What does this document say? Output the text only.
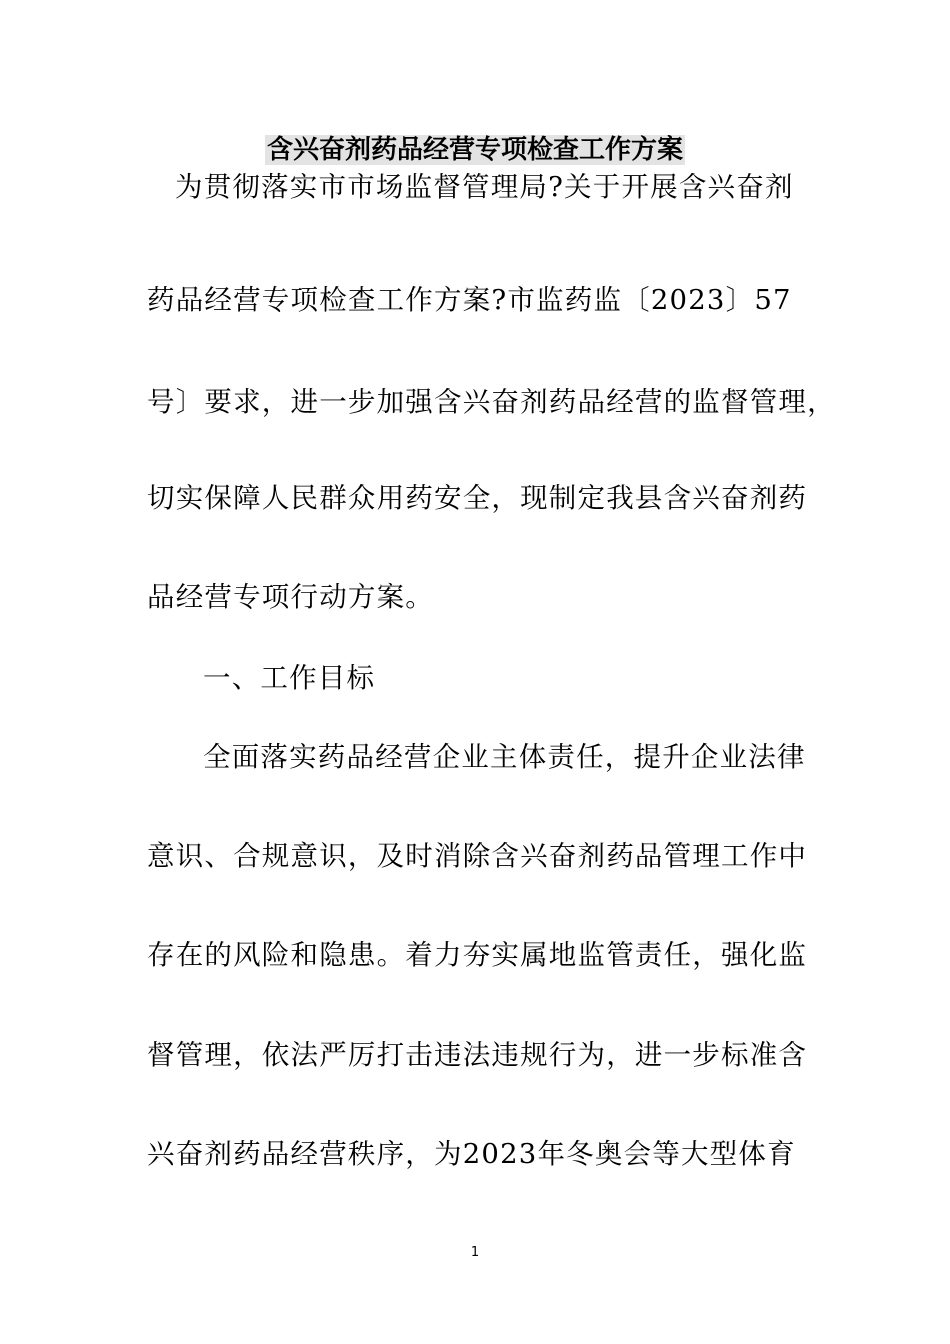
含兴奋剂药品经营专项检查工作方案
为贯彻落实市市场监督管理局?关于开展含兴奋剂
药品经营专项检查工作方案?市监药监〔2023〕57
号〕要求，进一步加强含兴奋剂药品经营的监督管理，
切实保障人民群众用药安全，现制定我县含兴奋剂药
品经营专项行动方案。
一、工作目标
全面落实药品经营企业主体责任，提升企业法律
意识、合规意识，及时消除含兴奋剂药品管理工作中
存在的风险和隐患。着力夯实属地监管责任，强化监
督管理，依法严厉打击违法违规行为，进一步标准含
兴奋剂药品经营秩序，为2023年冬奥会等大型体育
1
